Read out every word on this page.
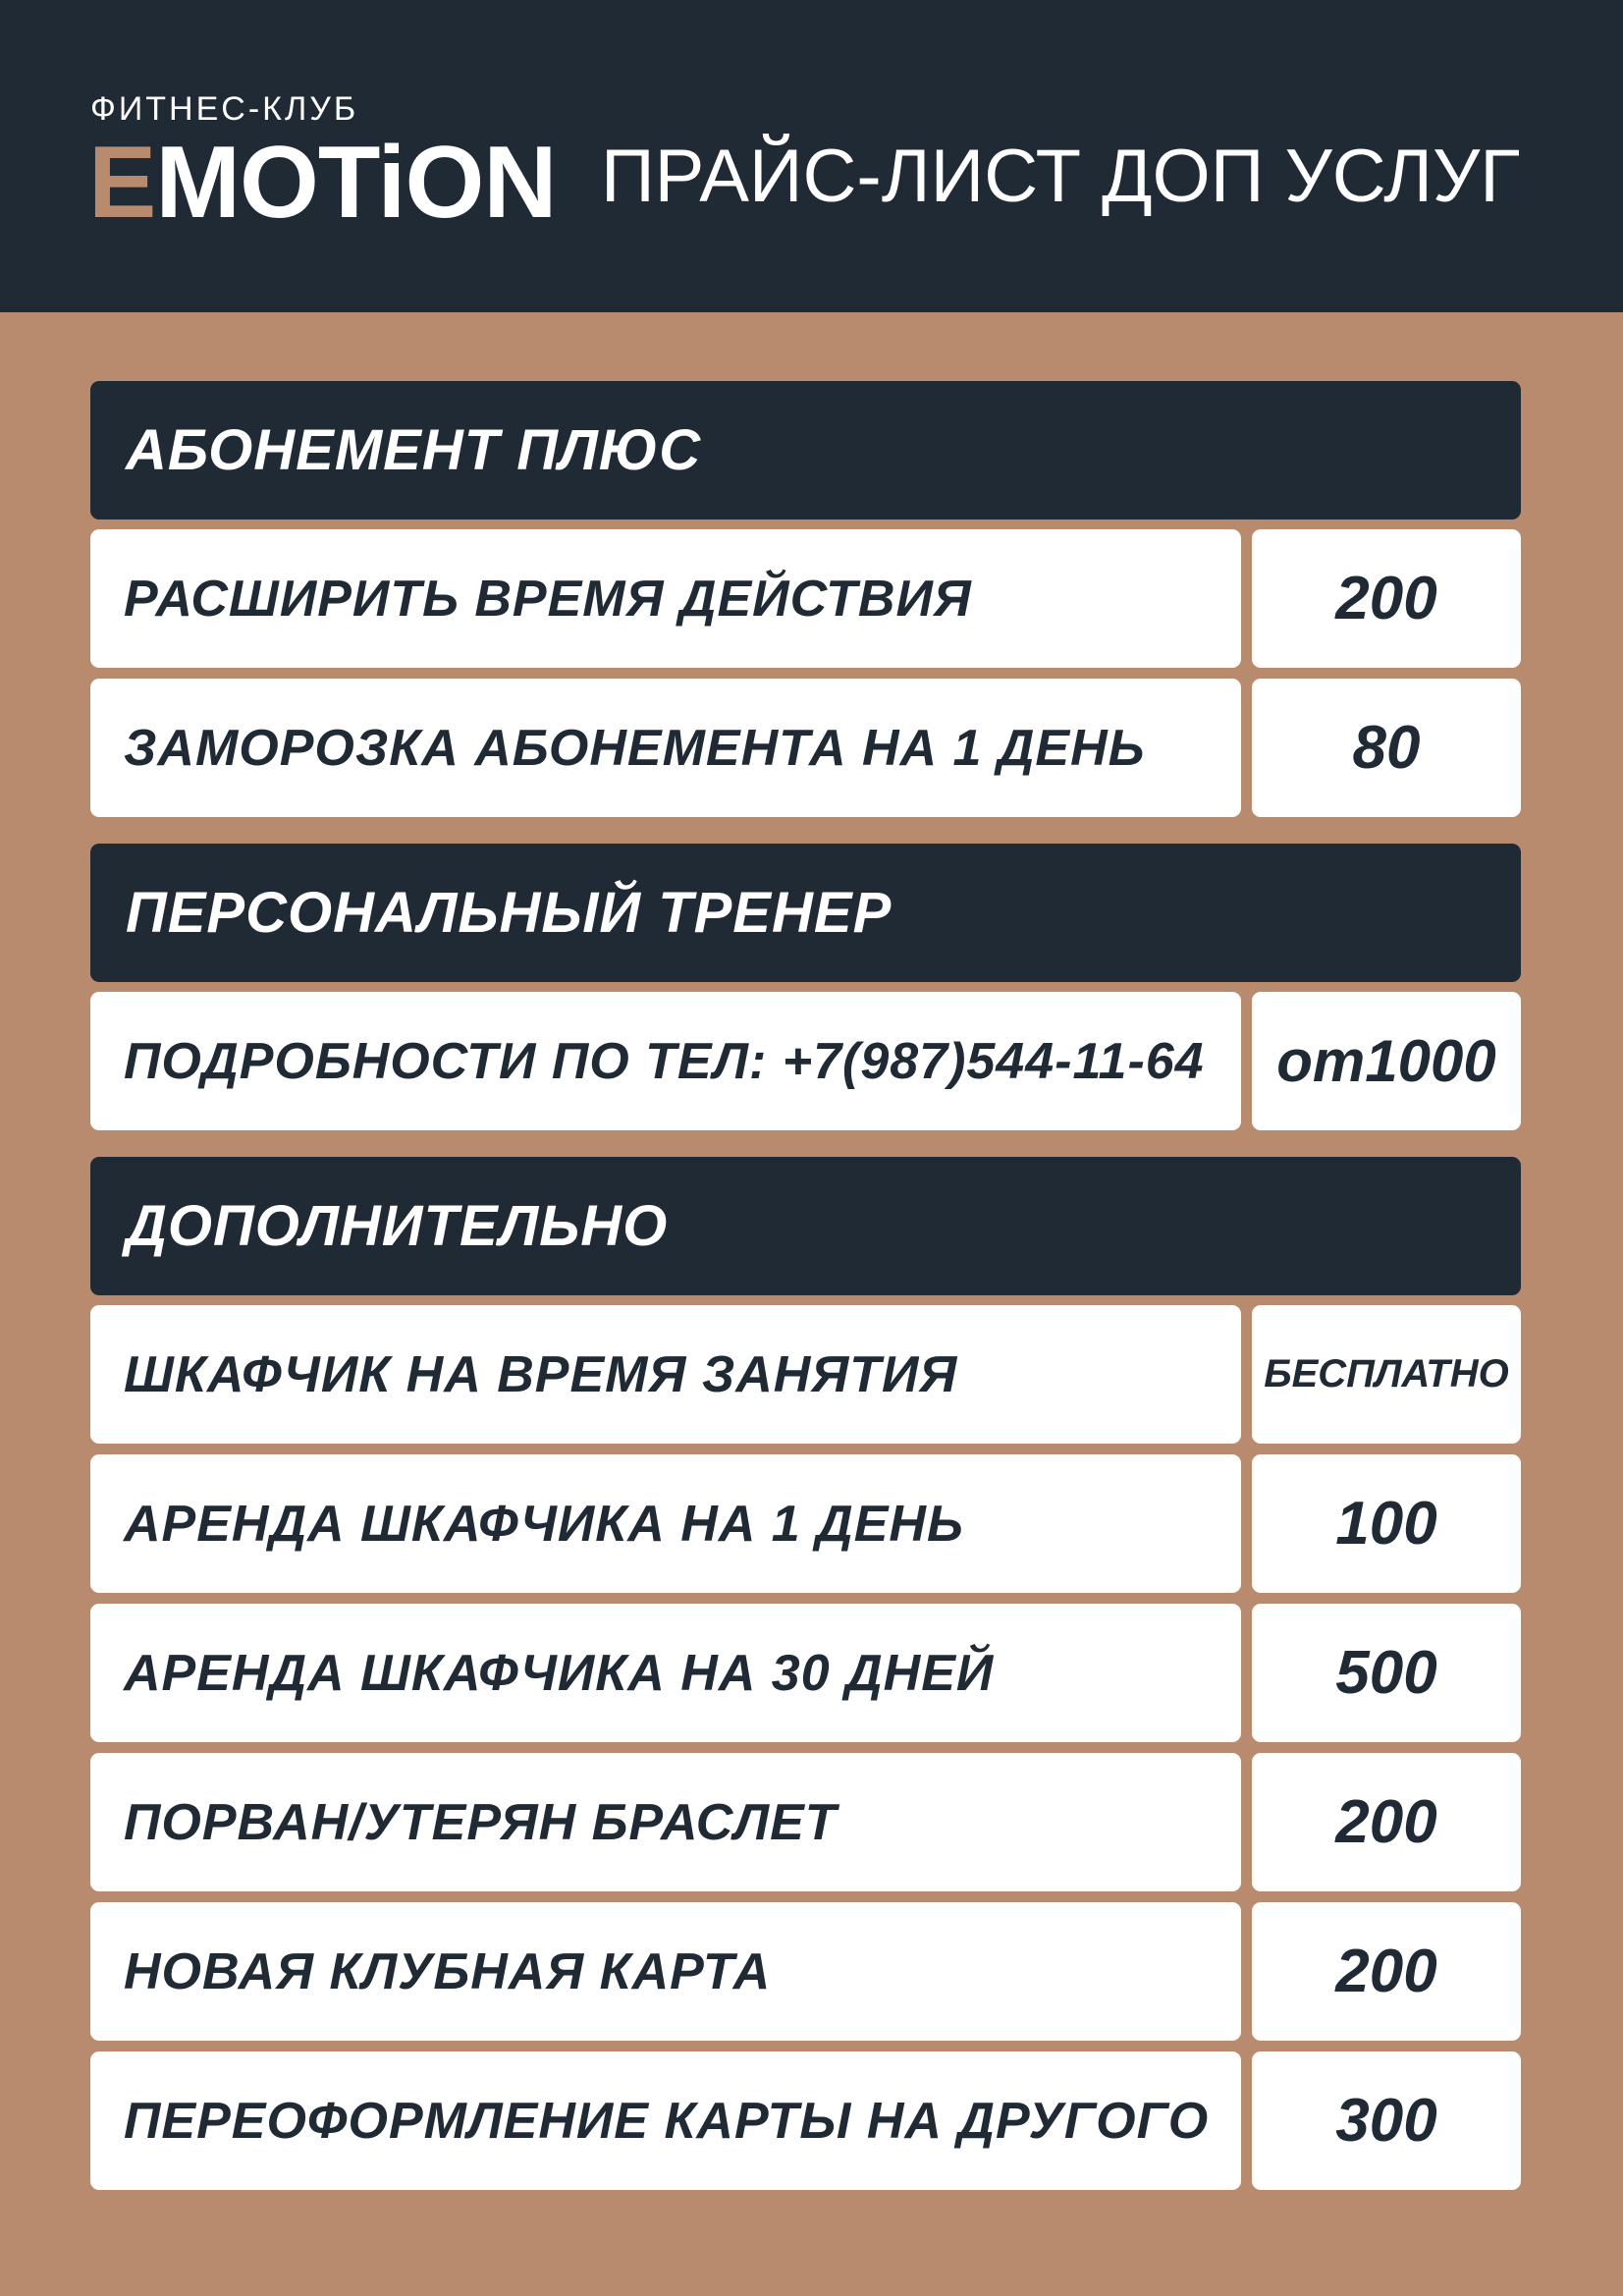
ФИТНЕС-КЛУБ
EMOTiON ПРАЙС-ЛИСТ ДОП УСЛУГ
АБОНЕМЕНТ ПЛЮС
РАСШИРИТЬ ВРЕМЯ ДЕЙСТВИЯ	200
ЗАМОРОЗКА АБОНЕМЕНТА НА 1 ДЕНЬ	80
ПЕРСОНАЛЬНЫЙ ТРЕНЕР
ПОДРОБНОСТИ ПО ТЕЛ: +7(987)544-11-64 от1000
ДОПОЛНИТЕЛЬНО
ШКАФЧИК НА ВРЕМЯ ЗАНЯТИЯ	БЕСПЛАТНО
АРЕНДА ШКАФЧИКА НА 1 ДЕНЬ	100
АРЕНДА ШКАФЧИКА НА 30 ДНЕЙ	500
ПОРВАН/УТЕРЯН БРАСЛЕТ	200
НОВАЯ КЛУБНАЯ КАРТА	200
ПЕРЕОФОРМЛЕНИЕ КАРТЫ НА ДРУГОГО 300
